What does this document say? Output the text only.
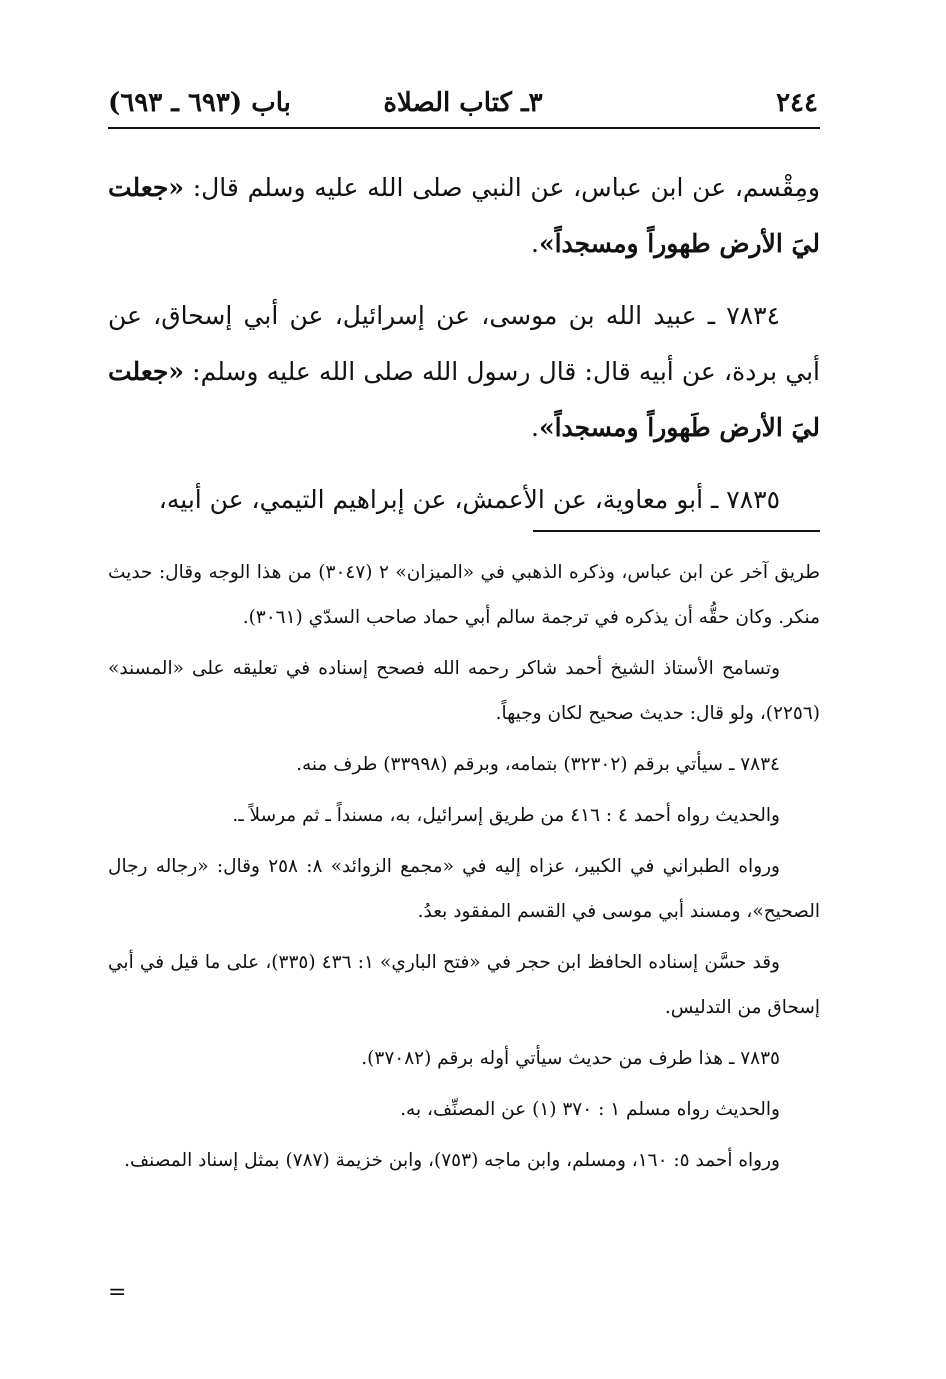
٢٤٤
٣ـ كتاب الصلاة
باب (٦٩٣ ـ ٦٩٣)

ومِقْسم، عن ابن عباس، عن النبي صلى الله عليه وسلم قال: «جعلت ليَ الأرض طهوراً ومسجداً».

٧٨٣٤ ـ عبيد الله بن موسى، عن إسرائيل، عن أبي إسحاق، عن أبي بردة، عن أبيه قال: قال رسول الله صلى الله عليه وسلم: «جعلت ليَ الأرض طَهوراً ومسجداً».

٧٨٣٥ ـ أبو معاوية، عن الأعمش، عن إبراهيم التيمي، عن أبيه،

طريق آخر عن ابن عباس، وذكره الذهبي في «الميزان» ٢ (٣٠٤٧) من هذا الوجه وقال: حديث منكر. وكان حقُّه أن يذكره في ترجمة سالم أبي حماد صاحب السدّي (٣٠٦١).

وتسامح الأستاذ الشيخ أحمد شاكر رحمه الله فصحح إسناده في تعليقه على «المسند» (٢٢٥٦)، ولو قال: حديث صحيح لكان وجيهاً.

٧٨٣٤ ـ سيأتي برقم (٣٢٣٠٢) بتمامه، وبرقم (٣٣٩٩٨) طرف منه.

والحديث رواه أحمد ٤ : ٤١٦ من طريق إسرائيل، به، مسنداً ـ ثم مرسلاً ـ.

ورواه الطبراني في الكبير، عزاه إليه في «مجمع الزوائد» ٨: ٢٥٨ وقال: «رجاله رجال الصحيح»، ومسند أبي موسى في القسم المفقود بعدُ.

وقد حسَّن إسناده الحافظ ابن حجر في «فتح الباري» ١: ٤٣٦ (٣٣٥)، على ما قيل في أبي إسحاق من التدليس.

٧٨٣٥ ـ هذا طرف من حديث سيأتي أوله برقم (٣٧٠٨٢).

والحديث رواه مسلم ١ : ٣٧٠ (١) عن المصنِّف، به.

ورواه أحمد ٥: ١٦٠، ومسلم، وابن ماجه (٧٥٣)، وابن خزيمة (٧٨٧) بمثل إسناد المصنف.

=
